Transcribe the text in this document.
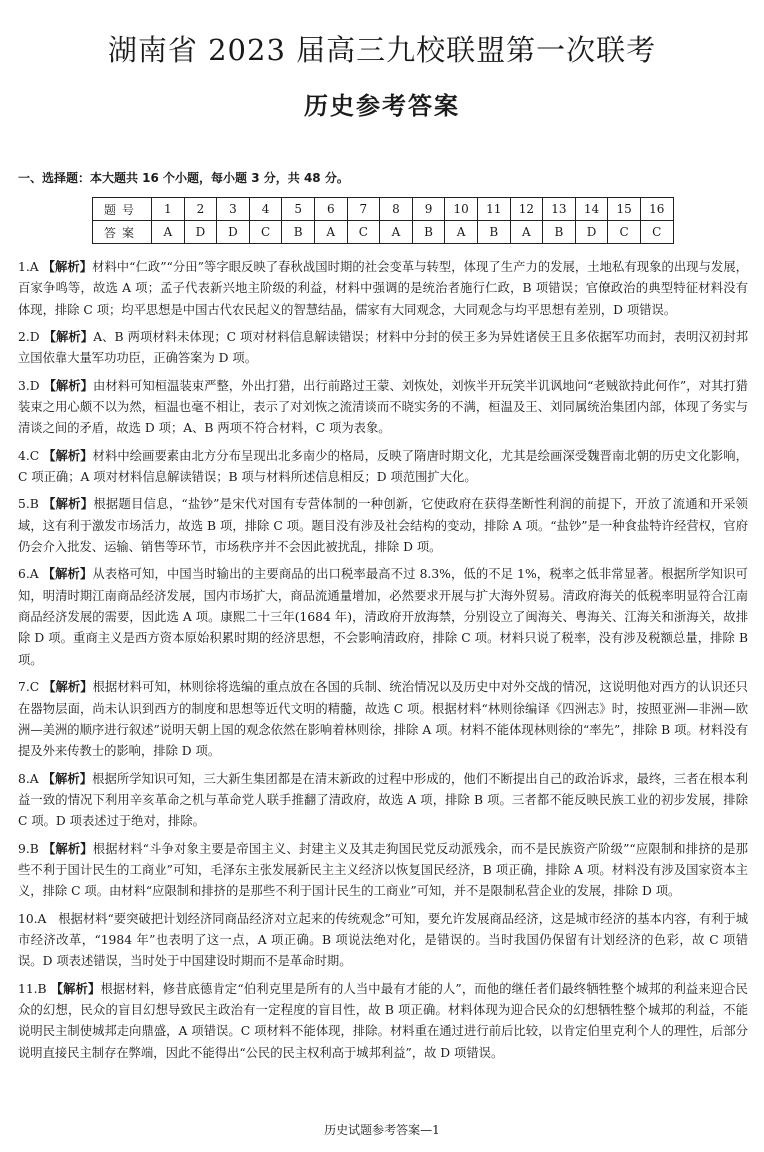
湖南省 2023 届高三九校联盟第一次联考
历史参考答案
一、选择题：本大题共 16 个小题，每小题 3 分，共 48 分。
题号	1	2	3	4	5	6	7	8	9	10	11	12	13	14	15	16
答案	A	D	D	C	B	A	C	A	B	A	B	A	B	D	C	C
1.A 【解析】材料中“仁政”“分田”等字眼反映了春秋战国时期的社会变革与转型，体现了生产力的发展，土地私有现象的出现与发展，百家争鸣等，故选 A 项；孟子代表新兴地主阶级的利益，材料中强调的是统治者施行仁政，B 项错误；官僚政治的典型特征材料没有体现，排除 C 项；均平思想是中国古代农民起义的智慧结晶，儒家有大同观念，大同观念与均平思想有差别，D 项错误。
2.D 【解析】A、B 两项材料未体现；C 项对材料信息解读错误；材料中分封的侯王多为异姓诸侯王且多依据军功而封，表明汉初封邦立国依靠大量军功功臣，正确答案为 D 项。
3.D 【解析】由材料可知桓温装束严整，外出打猎，出行前路过王蒙、刘恢处，刘恢半开玩笑半讥讽地问“老贼欲持此何作”，对其打猎装束之用心颇不以为然，桓温也毫不相让，表示了对刘恢之流清谈而不晓实务的不满，桓温及王、刘同属统治集团内部，体现了务实与清谈之间的矛盾，故选 D 项；A、B 两项不符合材料，C 项为表象。
4.C 【解析】材料中绘画要素由北方分布呈现出北多南少的格局，反映了隋唐时期文化，尤其是绘画深受魏晋南北朝的历史文化影响，C 项正确；A 项对材料信息解读错误；B 项与材料所述信息相反；D 项范围扩大化。
5.B 【解析】根据题目信息，“盐钞”是宋代对国有专营体制的一种创新，它使政府在获得垄断性利润的前提下，开放了流通和开采领域，这有利于激发市场活力，故选 B 项，排除 C 项。题目没有涉及社会结构的变动，排除 A 项。“盐钞”是一种食盐特许经营权，官府仍会介入批发、运输、销售等环节，市场秩序并不会因此被扰乱，排除 D 项。
6.A 【解析】从表格可知，中国当时输出的主要商品的出口税率最高不过 8.3%，低的不足 1%，税率之低非常显著。根据所学知识可知，明清时期江南商品经济发展，国内市场扩大，商品流通量增加，必然要求开展与扩大海外贸易。清政府海关的低税率明显符合江南商品经济发展的需要，因此选 A 项。康熙二十三年(1684 年)，清政府开放海禁，分别设立了闽海关、粤海关、江海关和浙海关，故排除 D 项。重商主义是西方资本原始积累时期的经济思想，不会影响清政府，排除 C 项。材料只说了税率，没有涉及税额总量，排除 B 项。
7.C 【解析】根据材料可知，林则徐将选编的重点放在各国的兵制、统治情况以及历史中对外交战的情况，这说明他对西方的认识还只在器物层面，尚未认识到西方的制度和思想等近代文明的精髓，故选 C 项。根据材料“林则徐编译《四洲志》时，按照亚洲—非洲—欧洲—美洲的顺序进行叙述”说明天朝上国的观念依然在影响着林则徐，排除 A 项。材料不能体现林则徐的“率先”，排除 B 项。材料没有提及外来传教士的影响，排除 D 项。
8.A 【解析】根据所学知识可知，三大新生集团都是在清末新政的过程中形成的，他们不断提出自己的政治诉求，最终，三者在根本利益一致的情况下利用辛亥革命之机与革命党人联手推翻了清政府，故选 A 项，排除 B 项。三者都不能反映民族工业的初步发展，排除 C 项。D 项表述过于绝对，排除。
9.B 【解析】根据材料“斗争对象主要是帝国主义、封建主义及其走狗国民党反动派残余，而不是民族资产阶级”“应限制和排挤的是那些不利于国计民生的工商业”可知，毛泽东主张发展新民主主义经济以恢复国民经济，B 项正确，排除 A 项。材料没有涉及国家资本主义，排除 C 项。由材料“应限制和排挤的是那些不利于国计民生的工商业”可知，并不是限制私营企业的发展，排除 D 项。
10.A 根据材料“要突破把计划经济同商品经济对立起来的传统观念”可知，要允许发展商品经济，这是城市经济的基本内容，有利于城市经济改革，“1984 年”也表明了这一点，A 项正确。B 项说法绝对化，是错误的。当时我国仍保留有计划经济的色彩，故 C 项错误。D 项表述错误，当时处于中国建设时期而不是革命时期。
11.B 【解析】根据材料，修昔底德肯定“伯利克里是所有的人当中最有才能的人”，而他的继任者们最终牺牲整个城邦的利益来迎合民众的幻想，民众的盲目幻想导致民主政治有一定程度的盲目性，故 B 项正确。材料体现为迎合民众的幻想牺牲整个城邦的利益，不能说明民主制使城邦走向鼎盛，A 项错误。C 项材料不能体现，排除。材料重在通过进行前后比较，以肯定伯里克利个人的理性，后部分说明直接民主制存在弊端，因此不能得出“公民的民主权利高于城邦利益”，故 D 项错误。
历史试题参考答案—1
